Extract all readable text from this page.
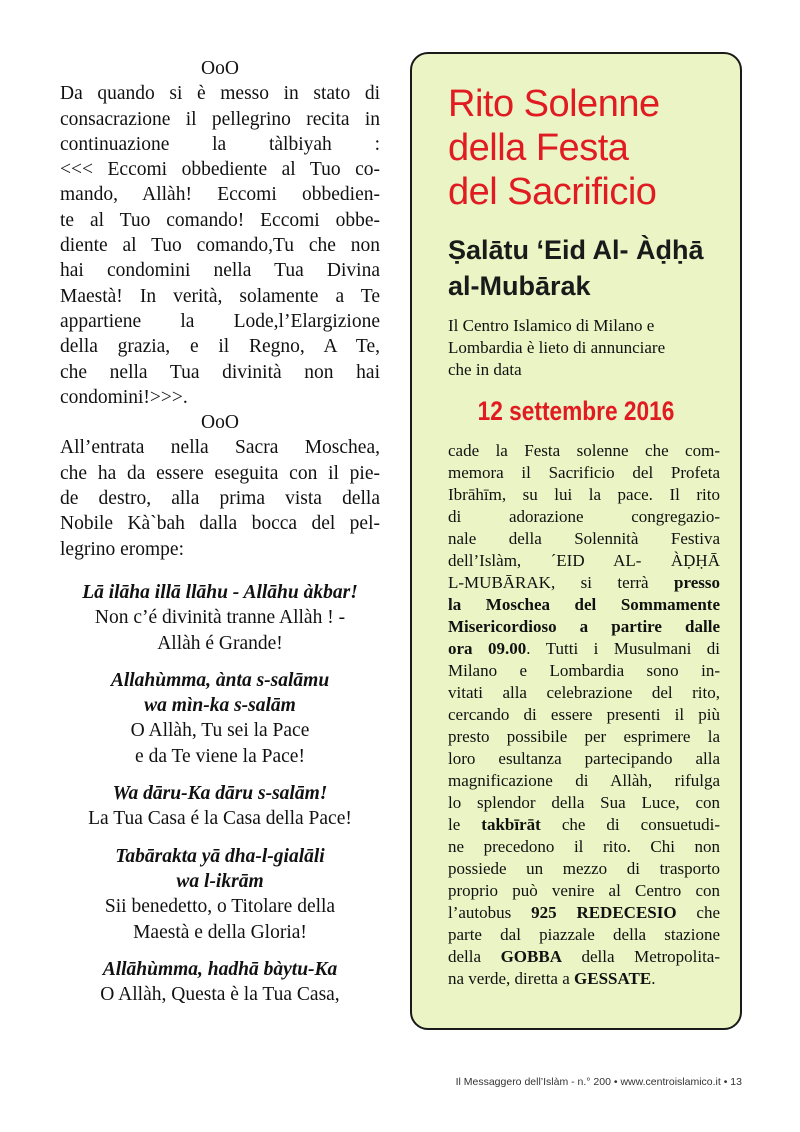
OoO

Da quando si è messo in stato di

consacrazione il pellegrino recita in

continuazione la tàlbiyah :

<<< Eccomi obbediente al Tuo co-

mando, Allàh! Eccomi obbedien-

te al Tuo comando! Eccomi obbe-

diente al Tuo comando,Tu che non

hai condomini nella Tua Divina

Maestà! In verità, solamente a Te

appartiene la Lode,l’Elargizione

della grazia, e il Regno, A Te,

che nella Tua divinità non hai

condomini!>>>.

OoO

All’entrata nella Sacra Moschea,

che ha da essere eseguita con il pie-

de destro, alla prima vista della

Nobile Kà`bah dalla bocca del pel-

legrino erompe:

Lā ilāha illā llāhu - Allāhu àkbar!

Non c’é divinità tranne Allàh ! -

Allàh é Grande!

Allahùmma, ànta s-salāmu

wa mìn-ka s-salām

O Allàh, Tu sei la Pace

e da Te viene la Pace!

Wa dāru-Ka dāru s-salām!

La Tua Casa é la Casa della Pace!

Tabārakta yā dha-l-gialāli

wa l-ikrām

Sii benedetto, o Titolare della

Maestà e della Gloria!

Allāhùmma, hadhā bàytu-Ka

O Allàh, Questa è la Tua Casa,

Rito Solenne
della Festa
del Sacrificio
Ṣalātu ‘Eid Al- Àḍḥā
al-Mubārak

Il Centro Islamico di Milano e
Lombardia è lieto di annunciare
che in data

12 settembre 2016

cade la Festa solenne che com-
memora il Sacrificio del Profeta
Ibrāhīm, su lui la pace. Il rito
di adorazione congregazio-
nale della Solennità Festiva
dell’Islàm, ´EID AL- ÀḌḤĀ
L-MUBĀRAK, si terrà presso
la Moschea del Sommamente
Misericordioso a partire dalle
ora 09.00. Tutti i Musulmani di
Milano e Lombardia sono in-
vitati alla celebrazione del rito,
cercando di essere presenti il più
presto possibile per esprimere la
loro esultanza partecipando alla
magnificazione di Allàh, rifulga
lo splendor della Sua Luce, con
le takbīrāt che di consuetudi-
ne precedono il rito. Chi non
possiede un mezzo di trasporto
proprio può venire al Centro con
l’autobus 925 REDECESIO che
parte dal piazzale della stazione
della GOBBA della Metropolita-
na verde, diretta a GESSATE.

Il Messaggero dell’Islàm - n.° 200 • www.centroislamico.it • 13
